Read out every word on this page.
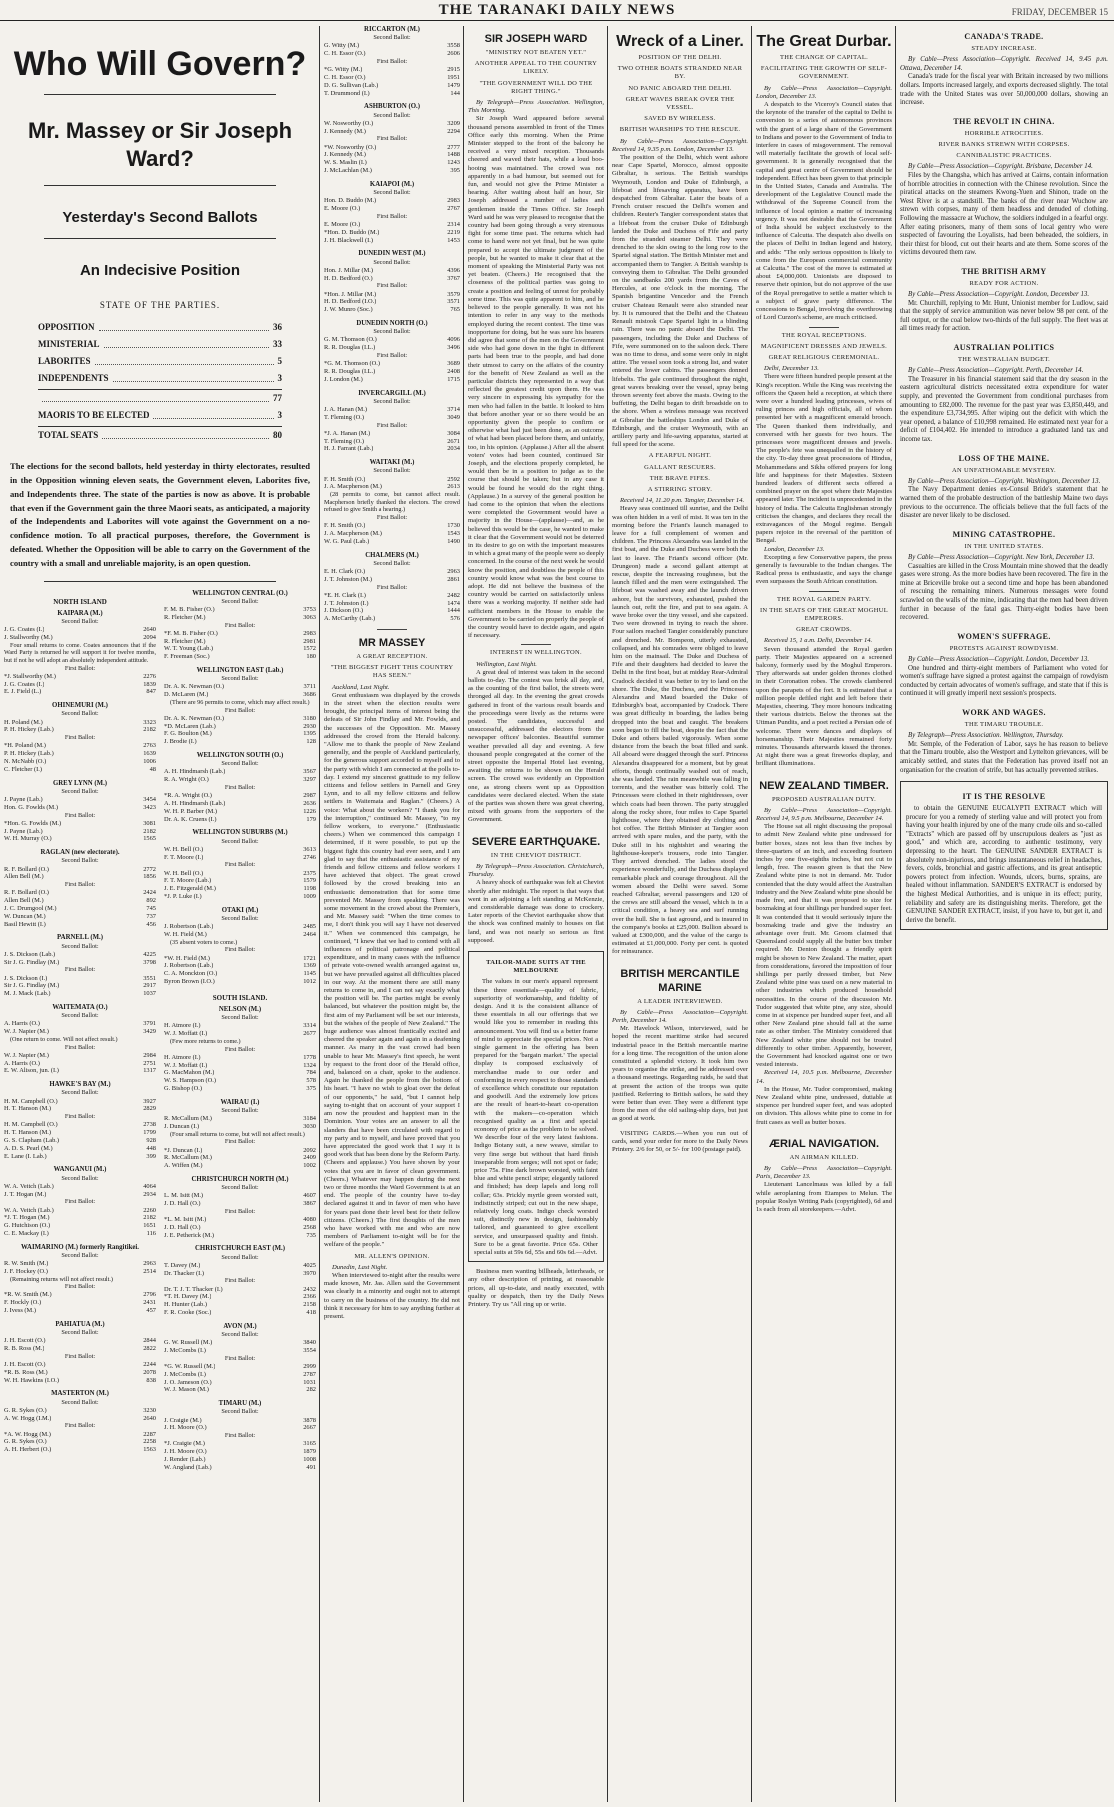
THE TARANAKI DAILY NEWS	FRIDAY, DECEMBER 15
Who Will Govern?
Mr. Massey or Sir Joseph Ward?
Yesterday's Second Ballots
An Indecisive Position
STATE OF THE PARTIES.
OPPOSITION	36
MINISTERIAL	33
LABORITES	5
INDEPENDENTS	3
77
MAORIS TO BE ELECTED	3
TOTAL SEATS	80
The elections for the second ballots, held yesterday in thirty electorates, resulted in the Opposition winning eleven seats, the Government eleven, Laborites five, and Independents three. The state of the parties is now as above. It is probable that even if the Government gain the three Maori seats, as anticipated, a majority of the Independents and Laborites will vote against the Government on a no-confidence motion. To all practical purposes, therefore, the Government is defeated. Whether the Opposition will be able to carry on the Government of the country with a small and unreliable majority, is an open question.
NORTH ISLAND
KAIPARA (M.)
Second Ballot:
J. G. Coates (I.)	2640
J. Stallworthy (M.)	2094
Four small returns to come. Coates announces that if the Ward Party is returned he will support it for twelve months, but if not he will adopt an absolutely independent attitude.
First Ballot:
*J. Stallworthy (M.)	2276
J. G. Coates (I.)	1839
E. J. Field (L.)	847
OHINEMURI (M.)
Second Ballot:
H. Poland (M.)	3323
P. H. Hickey (Lab.)	2182
First Ballot:
*H. Poland (M.)	2763
P. H. Hickey (Lab.)	1639
N. McNabb (O.)	1006
C. Fletcher (I.)	48
GREY LYNN (M.)
Second Ballot:
J. Payne (Lab.)	3454
Hon. G. Fowlds (M.)	3423
First Ballot:
*Hon. G. Fowlds (M.)	3081
J. Payne (Lab.)	2182
W. H. Murray (O.)	1565
RAGLAN (new electorate).
Second Ballot:
R. F. Bollard (O.)	2772
Allen Bell (M.)	1856
First Ballot:
R. F. Bollard (O.)	2424
Allen Bell (M.)	892
J. C. Drumgool (M.)	745
W. Duncan (M.)	737
Basil Hewitt (I.)	456
PARNELL (M.)
Second Ballot:
J. S. Dickson (Lab.)	4225
Sir J. G. Findlay (M.)	3798
First Ballot:
J. S. Dickson (I.)	3551
Sir J. G. Findlay (M.)	2917
M. J. Mack (Lab.)	1037
WAITEMATA (O.)
Second Ballot:
A. Harris (O.)	3791
W. J. Napier (M.)	3429
(One return to come. Will not affect result.)
First Ballot:
W. J. Napier (M.)	2984
A. Harris (O.)	2751
E. W. Alison, jun. (I.)	1317
HAWKE'S BAY (M.)
Second Ballot:
H. M. Campbell (O.)	3927
H. T. Hanson (M.)	2829
First Ballot:
H. M. Campbell (O.)	2738
H. T. Hanson (M.)	1799
G. S. Clapham (Lab.)	928
A. D. S. Pearl (M.)	448
E. Lane (I. Lab.)	399
WANGANUI (M.)
Second Ballot:
W. A. Veitch (Lab.)	4064
J. T. Hogan (M.)	2934
First Ballot:
W. A. Veitch (Lab.)	2260
*J. T. Hogan (M.)	2182
G. Hutchison (O.)	1651
C. E. Mackay (I.)	116
WAIMARINO (M.) formerly Rangitikei.
Second Ballot:
R. W. Smith (M.)	2963
J. F. Hockey (O.)	2514
(Remaining returns will not affect result.)
First Ballot:
*R. W. Smith (M.)	2796
F. Hockly (O.)	2431
J. Ivess (M.)	457
PAHIATUA (M.)
Second Ballot:
J. H. Escott (O.)	2844
R. B. Ross (M.)	2822
First Ballot:
J. H. Escott (O.)	2244
*R. B. Ross (M.)	2078
W. H. Hawkins (I.O.)	838
MASTERTON (M.)
Second Ballot:
G. R. Sykes (O.)	3230
A. W. Hogg (I.M.)	2640
First Ballot:
*A. W. Hogg (M.)	2287
G. R. Sykes (O.)	2258
A. H. Herbert (O.)	1563
WELLINGTON CENTRAL (O.)
Second Ballot:
F. M. B. Fisher (O.)	3753
R. Fletcher (M.)	3063
First Ballot:
*F. M. B. Fisher (O.)	2983
R. Fletcher (M.)	2981
W. T. Young (Lab.)	1572
F. Freeman (Soc.)	180
WELLINGTON EAST (Lab.)
Second Ballot:
Dr. A. K. Newman (O.)	3711
D. McLaren (M.)	3686
(There are 96 permits to come, which may affect result.)
First Ballot:
Dr. A. K. Newman (O.)	3180
*D. McLaren (Lab.)	2930
F. G. Boulton (M.)	1395
J. Brodie (I.)	128
WELLINGTON SOUTH (O.)
Second Ballot:
A. H. Hindmarsh (Lab.)	3567
R. A. Wright (O.)	3297
First Ballot:
*R. A. Wright (O.)	2987
A. H. Hindmarsh (Lab.)	2636
W. H. P. Barber (M.)	1226
Dr. A. K. Cruens (I.)	179
WELLINGTON SUBURBS (M.)
Second Ballot:
W. H. Bell (O.)	3613
F. T. Moore (I.)	2746
First Ballot:
W. H. Bell (O.)	2375
F. T. Moore (Lab.)	1579
J. E. Fitzgerald (M.)	1198
*J. P. Luke (I.)	1009
OTAKI (M.)
Second Ballot:
J. Robertson (Lab.)	2485
W. H. Field (M.)	2464
(35 absent voters to come.)
First Ballot:
*W. H. Field (M.)	1721
J. Robertson (Lab.)	1369
C. A. Monckton (O.)	1145
Byron Brown (I.O.)	1012
SOUTH ISLAND.
NELSON (M.)
Second Ballot:
H. Atmore (I.)	3314
W. J. Moffatt (I.)	2677
(Few more returns to come.)
First Ballot:
H. Atmore (I.)	1778
W. J. Moffatt (I.)	1324
G. MacMahon (M.)	784
W. S. Hampson (O.)	578
G. Bishop (O.)	375
WAIRAU (I.)
Second Ballot:
R. McCallum (M.)	3184
J. Duncan (I.)	3030
(Four small returns to come, but will not affect result.)
First Ballot:
*J. Duncan (I.)	2092
R. McCallum (M.)	2409
A. Wiffen (M.)	1002
CHRISTCHURCH NORTH (M.)
Second Ballot:
L. M. Isitt (M.)	4607
J. D. Hall (O.)	3867
First Ballot:
*L. M. Isitt (M.)	4080
J. D. Hall (O.)	2568
J. E. Petherick (M.)	735
CHRISTCHURCH EAST (M.)
Second Ballot:
T. Davey (M.)	4025
Dr. Thacker (I.)	3970
First Ballot:
Dr. T. J. T. Thacker (I.)	2432
*T. H. Davey (M.)	2366
H. Hunter (Lab.)	2158
F. R. Cooke (Soc.)	418
AVON (M.)
Second Ballot:
G. W. Russell (M.)	3840
J. McCombs (I.)	3554
First Ballot:
*G. W. Russell (M.)	2999
J. McCombs (I.)	2787
J. O. Jameson (O.)	1031
W. J. Mason (M.)	282
TIMARU (M.)
Second Ballot:
J. Craigie (M.)	3878
J. H. Moore (O.)	2667
First Ballot:
*J. Craigie (M.)	3165
J. H. Moore (O.)	1879
J. Render (Lab.)	1008
W. Angland (Lab.)	491
RICCARTON (M.)
Second Ballot:
G. Witty (M.)	3558
C. H. Essor (O.)	2606
First Ballot:
*G. Witty (M.)	2915
C. H. Essor (O.)	1951
D. G. Sullivan (Lab.)	1479
T. Drummond (I.)	144
ASHBURTON (O.)
Second Ballot:
W. Nosworthy (O.)	3209
J. Kennedy (M.)	2294
First Ballot:
*W. Nosworthy (O.)	2777
J. Kennedy (M.)	1488
W. S. Maslin (I.)	1243
J. McLachlan (M.)	395
KAIAPOI (M.)
Second Ballot:
Hon. D. Buddo (M.)	2983
E. Moore (O.)	2767
First Ballot:
E. Moore (O.)	2314
*Hon. D. Buddo (M.)	2219
J. H. Blackwell (I.)	1453
DUNEDIN WEST (M.)
Second Ballot:
Hon. J. Millar (M.)	4396
H. D. Bedford (O.)	3767
First Ballot:
*Hon. J. Millar (M.)	3579
H. D. Bedford (I.O.)	3571
J. W. Munro (Soc.)	765
DUNEDIN NORTH (O.)
Second Ballot:
G. M. Thomson (O.)	4096
R. R. Douglas (I.L.)	3496
First Ballot:
*G. M. Thomson (O.)	3689
R. R. Douglas (I.L.)	2408
J. London (M.)	1715
INVERCARGILL (M.)
Second Ballot:
J. A. Hanan (M.)	3714
T. Fleming (O.)	3049
First Ballot:
*J. A. Hanan (M.)	3084
T. Fleming (O.)	2671
H. J. Farrant (Lab.)	2034
WAITAKI (M.)
Second Ballot:
F. H. Smith (O.)	2592
J. A. Macpherson (M.)	2613
(28 permits to come, but cannot affect result. Macpherson briefly thanked the electors. The crowd refused to give Smith a hearing.)
First Ballot:
F. H. Smith (O.)	1730
J. A. Macpherson (M.)	1543
W. G. Paul (Lab.)	1490
CHALMERS (M.)
Second Ballot:
E. H. Clark (O.)	2963
J. T. Johnston (M.)	2861
First Ballot:
*E. H. Clark (I.)	2482
J. T. Johnston (I.)	1474
J. Dickson (O.)	1444
A. McCarthy (Lab.)	576
MR MASSEY
A GREAT RECEPTION.
"THE BIGGEST FIGHT THIS COUNTRY HAS SEEN."

Auckland, Last Night.

Great enthusiasm was displayed by the crowds in the street when the election results were brought, the principal items of interest being the defeats of Sir John Findlay and Mr. Fowlds, and the successes of the Opposition. Mr. Massey addressed the crowd from the Herald balcony. "Allow me to thank the people of New Zealand generally, and the people of Auckland particularly, for the generous support accorded to myself and to the party with which I am connected at the polls to-day. I extend my sincerest gratitude to my fellow citizens and fellow settlers in Parnell and Grey Lynn, and to all my fellow citizens and fellow settlers in Waitemata and Raglan." (Cheers.) A voice: What about the workers? "I thank you for the interruption," continued Mr. Massey, "to my fellow workers, to everyone." (Enthusiastic cheers.) When we commenced this campaign I determined, if it were possible, to put up the biggest fight this country had ever seen, and I am glad to say that the enthusiastic assistance of my friends and fellow citizens and fellow workers I have achieved that object. The great crowd followed by the crowd breaking into an enthusiastic demonstration that for some time prevented Mr. Massey from speaking. There was some movement in the crowd about the Premier's, and Mr. Massey said: "When the time comes to me, I don't think you will say I have not deserved it." When we commenced this campaign, he continued, "I knew that we had to contend with all influences of political patronage and political expenditure, and in many cases with the influence of private vote-owned wealth arranged against us, but we have prevailed against all difficulties placed in our way. At the moment there are still many returns to come in, and I can not say exactly what the position will be. The parties might be evenly balanced, but whatever the position might be, the first aim of my Parliament will be set our interests, but the wishes of the people of New Zealand." The huge audience was almost frantically excited and cheered the speaker again and again in a deafening manner. As many in the vast crowd had been unable to hear Mr. Massey's first speech, he went by request to the front door of the Herald office, and, balanced on a chair, spoke to the audience. Again he thanked the people from the bottom of his heart. "I have no wish to gloat over the defeat of our opponents," he said, "but I cannot help saying to-night that on account of your support I am now the proudest and happiest man in the Dominion. Your votes are an answer to all the slanders that have been circulated with regard to my party and to myself, and have proved that you have appreciated the good work that I say it is good work that has been done by the Reform Party. (Cheers and applause.) You have shown by your votes that you are in favor of clean government. (Cheers.) Whatever may happen during the next two or three months the Ward Government is at an end. The people of the country have to-day declared against it and in favor of men who have for years past done their level best for their fellow citizens. (Cheers.) The first thoughts of the men who have worked with me and who are now members of Parliament to-night will be for the welfare of the people."

MR. ALLEN'S OPINION.

Dunedin, Last Night.

When interviewed to-night after the results were made known, Mr. Jas. Allen said the Government was clearly in a minority and ought not to attempt to carry on the business of the country. He did not think it necessary for him to say anything further at present.

SIR JOSEPH WARD
"MINISTRY NOT BEATEN YET."
ANOTHER APPEAL TO THE COUNTRY LIKELY.
"THE GOVERNMENT WILL DO THE RIGHT THING."

By Telegraph—Press Association. Wellington, This Morning.

Sir Joseph Ward appeared before several thousand persons assembled in front of the Times Office early this morning. When the Prime Minister stepped to the front of the balcony he received a very mixed reception. Thousands cheered and waved their hats, while a loud boo-hooing was maintained. The crowd was not apparently in a bad humour, but seemed out for fun, and would not give the Prime Minister a hearing. After waiting about half an hour, Sir Joseph addressed a number of ladies and gentlemen inside the Times Office. Sir Joseph Ward said he was very pleased to recognise that the country had been going through a very strenuous fight for some time past. The returns which had come to hand were not yet final, but he was quite prepared to accept the ultimate judgment of the people, but he wanted to make it clear that at the moment of speaking the Ministerial Party was not yet beaten. (Cheers.) He recognised that the closeness of the political parties was going to create a position and feeling of unrest for probably some time. This was quite apparent to him, and he believed to the people generally. It was not his intention to refer in any way to the methods employed during the recent contest. The time was inopportune for doing, but he was sure his hearers did agree that some of the men on the Government side who had gone down in the fight in different parts had been true to the people, and had done their utmost to carry on the affairs of the country for the benefit of New Zealand as well as the particular districts they represented in a way that reflected the greatest credit upon them. He was very sincere in expressing his sympathy for the men who had fallen in the battle. It looked to him that before another year or so there would be an opportunity given the people to confirm or otherwise what had just been done, as an outcome of what had been placed before them, and unfairly, too, in his opinion. (Applause.) After all the absent voters' votes had been counted, continued Sir Joseph, and the elections properly completed, he would then be in a position to judge as to the course that should be taken; but in any case it would be found he would do the right thing. (Applause.) In a survey of the general position he had come to the opinion that when the elections were completed the Government would have a majority in the House—(applause)—and, as he believed this would be the case, he wanted to make it clear that the Government would not be deterred in its desire to go on with the important measures in which a great many of the people were so deeply concerned. In the course of the next week he would know the position, and doubtless the people of this country would know what was the best course to adopt. He did not believe the business of the country would be carried on satisfactorily unless there was a working majority. If neither side had sufficient members in the House to enable the Government to be carried on properly the people of the country would have to decide again, and again if necessary.

INTEREST IN WELLINGTON.

Wellington, Last Night.

A great deal of interest was taken in the second ballots to-day. The contest was brisk all day, and, as the counting of the first ballot, the streets were thronged all day. In the evening the great crowds gathered in front of the various result boards and the proceedings were lively as the returns were posted. The candidates, successful and unsuccessful, addressed the electors from the newspaper offices' balconies. Beautiful summer weather prevailed all day and evening. A few thousand people congregated at the corner of the street opposite the Imperial Hotel last evening, awaiting the returns to be shown on the Herald screen. The crowd was evidently an Opposition one, as strong cheers went up as Opposition candidates were declared elected. When the state of the parties was shown there was great cheering, mixed with groans from the supporters of the Government.

SEVERE EARTHQUAKE.
IN THE CHEVIOT DISTRICT.

By Telegraph—Press Association. Christchurch, Thursday.

A heavy shock of earthquake was felt at Cheviot shortly after midnight. The report is that ways that went in an adjoining a left standing at McKenzie, and considerable damage was done to crockery. Later reports of the Cheviot earthquake show that the shock was confined mainly to houses on flat land, and was not nearly so serious as first supposed.

TAILOR-MADE SUITS AT THE MELBOURNE

The values in our men's apparel represent these three essentials—quality of fabric, superiority of workmanship, and fidelity of design. And it is the consistent alliance of these essentials in all our offerings that we would like you to remember in reading this announcement. You will find us a better frame of mind to appreciate the special prices. Not a single garment in the offering has been prepared for the 'bargain market.' The special display is composed exclusively of merchandise made to our order and conforming in every respect to those standards of excellence which constitute our reputation and goodwill. And the extremely low prices are the result of heart-to-heart co-operation with the makers—co-operation which recognised quality as a first and special economy of price as the problem to be solved. We describe four of the very latest fashions. Indigo Botany suit, a new weave, similar to very fine serge but without that hard finish inseparable from serges; will not spot or fade; price 75s. Fine dark brown worsted, with faint blue and white pencil stripe; elegantly tailored and finished; has deep lapels and long roll collar; 63s. Prickly myrtle green worsted suit, indistinctly striped; cut out in the new shape, relatively long coats. Indigo check worsted suit, distinctly new in design, fashionably tailored, and guaranteed to give excellent service, and unsurpassed quality and finish. Sure to be a great favorite. Price 65s. Other special suits at 59s 6d, 55s and 60s 6d.—Advt.

Business men wanting billheads, letterheads, or any other description of printing, at reasonable prices, all up-to-date, and neatly executed, with quality or despatch, then try the Daily News Printery. Try us "All ring up or write.

Wreck of a Liner.
POSITION OF THE DELHI.
TWO OTHER BOATS STRANDED NEAR BY.
NO PANIC ABOARD THE DELHI.
GREAT WAVES BREAK OVER THE VESSEL.
SAVED BY WIRELESS.
BRITISH WARSHIPS TO THE RESCUE.

By Cable—Press Association—Copyright. Received 14, 9.35 p.m. London, December 13.

The position of the Delhi, which went ashore near Cape Spartel, Morocco, almost opposite Gibraltar, is serious. The British warships Weymouth, London and Duke of Edinburgh, a lifeboat and lifesaving apparatus, have been despatched from Gibraltar. Later the boats of a French cruiser rescued the Delhi's women and children. Reuter's Tangier correspondent states that a lifeboat from the cruiser Duke of Edinburgh landed the Duke and Duchess of Fife and party from the stranded steamer Delhi. They were drenched to the skin owing to the long row to the Spartel signal station. The British Minister met and accompanied them to Tangier. A British warship is conveying them to Gibraltar. The Delhi grounded on the sandbanks 200 yards from the Caves of Hercules, at one o'clock in the morning. The Spanish brigantine Vencedor and the French cruiser Chateau Renault were also stranded near by. It is rumoured that the Delhi and the Chateau Renault mistook Cape Spartel light in a blinding rain. There was no panic aboard the Delhi. The passengers, including the Duke and Duchess of Fife, were summoned on to the saloon deck. There was no time to dress, and some were only in night attire. The vessel soon took a strong list, and water entered the lower cabins. The passengers donned lifebelts. The gale continued throughout the night, great waves breaking over the vessel, spray being thrown seventy feet above the masts. Owing to the buffeting, the Delhi began to drift broadside on to the shore. When a wireless message was received at Gibraltar the battleships London and Duke of Edinburgh, and the cruiser Weymouth, with an artillery party and life-saving apparatus, started at full speed for the scene.

A FEARFUL NIGHT.
GALLANT RESCUERS.
THE BRAVE FIFES.
A STIRRING STORY.

Received 14, 11.20 p.m. Tangier, December 14.

Heavy seas continued till sunrise, and the Delhi was often hidden in a veil of mist. It was ten in the morning before the Friant's launch managed to leave for a full complement of women and children. The Princess Alexandra was landed in the first boat, and the Duke and Duchess were both the last to leave. The Friant's second officer (Mr. Drungeon) made a second gallant attempt at rescue, despite the increasing roughness, but the launch filled and the men were extinguished. The lifeboat was washed away and the launch driven ashore, but the survivors, exhausted, pushed the launch out, refit the fire, and put to sea again. A wave broke over the tiny vessel, and she capsized. Two were drowned in trying to reach the shore. Four sailors reached Tangier considerably puncture and drenched. Mr. Bompeon, utterly exhausted, collapsed, and his comrades were obliged to leave him on the mainsail. The Duke and Duchess of Fife and their daughters had decided to leave the Delhi in the first boat, but at midday Rear-Admiral Cradock decided it was better to try to land on the shore. The Duke, the Duchess, and the Princesses Alexandra and Maud boarded the Duke of Edinburgh's boat, accompanied by Cradock. There was great difficulty in boarding, the ladies being dropped into the boat and caught. The breakers soon began to fill the boat, despite the fact that the Duke and others bailed vigorously. When some distance from the beach the boat filled and sank. All aboard were dragged through the surf. Princess Alexandra disappeared for a moment, but by great efforts, though continually washed out of reach, she was landed. The rain meanwhile was falling in torrents, and the weather was bitterly cold. The Princesses were clothed in their nightdresses, over which coats had been thrown. The party struggled along the rocky shore, four miles to Cape Spartel lighthouse, where they obtained dry clothing and hot coffee. The British Minister at Tangier soon arrived with spare mules, and the party, with the Duke still in his nightshirt and wearing the lighthouse-keeper's trousers, rode into Tangier. They arrived drenched. The ladies stood the experience wonderfully, and the Duchess displayed remarkable pluck and courage throughout. All the women aboard the Delhi were saved. Some reached Gibraltar, several passengers and 120 of the crews are still aboard the vessel, which is in a critical condition, a heavy sea and surf running over the hull. She is fast aground, and is insured in the company's books at £25,000. Bullion aboard is valued at £300,000, and the value of the cargo is estimated at £1,000,000. Forty per cent. is quoted for reinsurance.

BRITISH MERCANTILE MARINE
A LEADER INTERVIEWED.

By Cable—Press Association—Copyright. Perth, December 14.

Mr. Havelock Wilson, interviewed, said he hoped the recent maritime strike had secured industrial peace in the British mercantile marine for a long time. The recognition of the union alone constituted a splendid victory. It took him two years to organise the strike, and he addressed over a thousand meetings. Regarding raids, he said that at present the action of the troops was quite justified. Referring to British sailors, he said they were better than ever. They were a different type from the men of the old sailing-ship days, but just as good at work.

VISITING CARDS.—When you run out of cards, send your order for more to the Daily News Printery. 2/6 for 50, or 5/- for 100 (postage paid).

The Great Durbar.
THE CHANGE OF CAPITAL.
FACILITATING THE GROWTH OF SELF-GOVERNMENT.

By Cable—Press Association—Copyright. London, December 13.

A despatch to the Viceroy's Council states that the keynote of the transfer of the capital to Delhi is conversion to a series of autonomous provinces with the grant of a large share of the Government to Indians and power to the Government of India to interfere in cases of misgovernment. The removal will materially facilitate the growth of local self-government. It is generally recognised that the capital and great centre of Government should be independent. Effect has been given to that principle in the United States, Canada and Australia. The development of the Legislative Council made the withdrawal of the Supreme Council from the influence of local opinion a matter of increasing urgency. It was not desirable that the Government of India should be subject exclusively to the influence of Calcutta. The despatch also dwells on the places of Delhi in Indian legend and history, and adds: "The only serious opposition is likely to come from the European commercial community at Calcutta." The cost of the move is estimated at about £4,000,000. Unionists are disposed to reserve their opinion, but do not approve of the use of the Royal prerogative to settle a matter which is a subject of grave party difference. The concessions to Bengal, involving the overthrowing of Lord Curzon's scheme, are much criticised.

THE ROYAL RECEPTIONS.
MAGNIFICENT DRESSES AND JEWELS.
GREAT RELIGIOUS CEREMONIAL.

Delhi, December 13.

There were fifteen hundred people present at the King's reception. While the King was receiving the officers the Queen held a reception, at which there were over a hundred leading princesses, wives of ruling princes and high officials, all of whom presented her with a magnificent emerald brooch. The Queen thanked them individually, and conversed with her guests for two hours. The princesses wore magnificent dresses and jewels. The people's fete was unequalled in the history of the city. To-day three great processions of Hindus, Mohammedans and Sikhs offered prayers for long life and happiness for their Majesties. Sixteen hundred leaders of different sects offered a combined prayer on the spot where their Majesties appeared later. The incident is unprecedented in the history of India. The Calcutta Englishman strongly criticises the changes, and declares they recall the extravagances of the Mogul regime. Bengali papers rejoice in the reversal of the partition of Bengal.

London, December 13.

Excepting a few Conservative papers, the press generally is favourable to the Indian changes. The Radical press is enthusiastic, and says the change even surpasses the South African constitution.

THE ROYAL GARDEN PARTY.
IN THE SEATS OF THE GREAT MOGHUL EMPERORS.
GREAT CROWDS.

Received 15, 1 a.m. Delhi, December 14.

Seven thousand attended the Royal garden party. Their Majesties appeared on a screened balcony, formerly used by the Moghul Emperors. They afterwards sat under golden thrones clothed in their Coronation robes. The crowds clambered upon the parapets of the fort. It is estimated that a million people defiled right and left before their Majesties, cheering. They more honours indicating their various districts. Below the thrones sat the Uttman Pundits, and a poet recited a Persian ode of welcome. There were dances and displays of horsemanship. Their Majesties remained forty minutes. Thousands afterwards kissed the thrones. At night there was a great fireworks display, and brilliant illuminations.

NEW ZEALAND TIMBER.
PROPOSED AUSTRALIAN DUTY.

By Cable—Press Association—Copyright. Received 14, 9.5 p.m. Melbourne, December 14.

The House sat all night discussing the proposal to admit New Zealand white pine undressed for butter boxes, sizes not less than five inches by three-quarters of an inch, and exceeding fourteen inches by one five-eighths inches, but not cut to length, free. The reason given is that the New Zealand white pine is not in demand. Mr. Tudor contended that the duty would affect the Australian industry and the New Zealand white pine should be made free, and that it was proposed to size for boxmaking at four shillings per hundred super feet. It was contended that it would seriously injure the boxmaking trade and give the industry an advantage over fruit. Mr. Groom claimed that Queensland could supply all the butter box timber required. Mr. Denton thought a friendly spirit might be shown to New Zealand. The matter, apart from considerations, favored the imposition of four shillings per partly dressed timber, but New Zealand white pine was used on a new material in other industries which produced household necessities. In the course of the discussion Mr. Tudor suggested that white pine, any size, should come in at sixpence per hundred super feet, and all other New Zealand pine should fall at the same rate as other timber. The Ministry considered that New Zealand white pine should not be treated differently to other timber. Apparently, however, the Government had knocked against one or two vested interests.

Received 14, 10.5 p.m. Melbourne, December 14.

In the House, Mr. Tudor compromised, making New Zealand white pine, undressed, dutiable at sixpence per hundred super feet, and was adopted on division. This allows white pine to come in for fruit cases as well as butter boxes.

ÆRIAL NAVIGATION.
AN AIRMAN KILLED.

By Cable—Press Association—Copyright. Paris, December 13.

Lieutenant Lancelmaus was killed by a fall while aeroplaning from Etampes to Melun. The popular Roslyn Writing Pads (copyrighted), 6d and 1s each from all storekeepers.—Advt.

CANADA'S TRADE.
STEADY INCREASE.

By Cable—Press Association—Copyright. Received 14, 9.45 p.m. Ottawa, December 14.

Canada's trade for the fiscal year with Britain increased by two millions dollars. Imports increased largely, and exports decreased slightly. The total trade with the United States was over 50,000,000 dollars, showing an increase.

THE REVOLT IN CHINA.
HORRIBLE ATROCITIES.
RIVER BANKS STREWN WITH CORPSES.
CANNIBALISTIC PRACTICES.

By Cable—Press Association—Copyright. Brisbane, December 14.

Files by the Changsha, which has arrived at Cairns, contain information of horrible atrocities in connection with the Chinese revolution. Since the piratical attacks on the steamers Kwong-Yuen and Shinon, trade on the West River is at a standstill. The banks of the river near Wuchow are strewn with corpses, many of them headless and denuded of clothing. Following the massacre at Wuchow, the soldiers indulged in a fearful orgy. After eating prisoners, many of them sons of local gentry who were suspected of favouring the Loyalists, had been beheaded, the soldiers, in their thirst for blood, cut out their hearts and ate them. Some scores of the victims devoured them raw.

THE BRITISH ARMY
READY FOR ACTION.

By Cable—Press Association—Copyright. London, December 13.

Mr. Churchill, replying to Mr. Hunt, Unionist member for Ludlow, said that the supply of service ammunition was never below 98 per cent. of the full output, or the coal below two-thirds of the full supply. The fleet was at all times ready for action.

AUSTRALIAN POLITICS
THE WESTRALIAN BUDGET.

By Cable—Press Association—Copyright. Perth, December 14.

The Treasurer in his financial statement said that the dry season in the eastern agricultural districts necessitated extra expenditure for water supply, and prevented the Government from conditional purchases from amounting to £82,000. The revenue for the past year was £3,850,449, and the expenditure £3,734,995. After wiping out the deficit with which the year opened, a balance of £10,998 remained. He estimated next year for a deficit of £104,402. He intended to introduce a graduated land tax and income tax.

LOSS OF THE MAINE.
AN UNFATHOMABLE MYSTERY.

By Cable—Press Association—Copyright. Washington, December 13.

The Navy Department denies ex-Consul Bride's statement that he warned them of the probable destruction of the battleship Maine two days previous to the occurrence. The officials believe that the full facts of the disaster are never likely to be disclosed.

MINING CATASTROPHE.
IN THE UNITED STATES.

By Cable—Press Association—Copyright. New York, December 13.

Casualties are killed in the Cross Mountain mine showed that the deadly gases were strong. As the more bodies have been recovered. The fire in the mine at Briceville broke out a second time and hope has been abandoned of rescuing the remaining miners. Numerous messages were found scrawled on the walls of the mine, indicating that the men had been driven further in because of the fatal gas. Thirty-eight bodies have been recovered.

WOMEN'S SUFFRAGE.
PROTESTS AGAINST ROWDYISM.

By Cable—Press Association—Copyright. London, December 13.

One hundred and thirty-eight members of Parliament who voted for women's suffrage have signed a protest against the campaign of rowdyism conducted by certain advocates of women's suffrage, and state that if this is continued it will greatly imperil next session's prospects.

WORK AND WAGES.
THE TIMARU TROUBLE.

By Telegraph—Press Association. Wellington, Thursday.

Mr. Semple, of the Federation of Labor, says he has reason to believe that the Timaru trouble, also the Westport and Lyttelton grievances, will be amicably settled, and states that the Federation has proved itself not an organisation for the creation of strife, but has actually prevented strikes.

IT IS THE RESOLVE

to obtain the GENUINE EUCALYPTI EXTRACT which will procure for you a remedy of sterling value and will protect you from having your health injured by one of the many crude oils and so-called "Extracts" which are passed off by unscrupulous dealers as "just as good," and which are, according to authentic testimony, very depressing to the heart. The GENUINE SANDER EXTRACT is absolutely non-injurious, and brings instantaneous relief in headaches, fevers, colds, bronchial and gastric affections, and its great antiseptic powers protect from infection. Wounds, ulcers, burns, sprains, are healed without inflammation. SANDER'S EXTRACT is endorsed by the highest Medical Authorities, and is unique in its effect; purity, reliability and safety are its distinguishing merits. Therefore, get the GENUINE SANDER EXTRACT, insist, if you have to, but get it, and derive the benefit.
